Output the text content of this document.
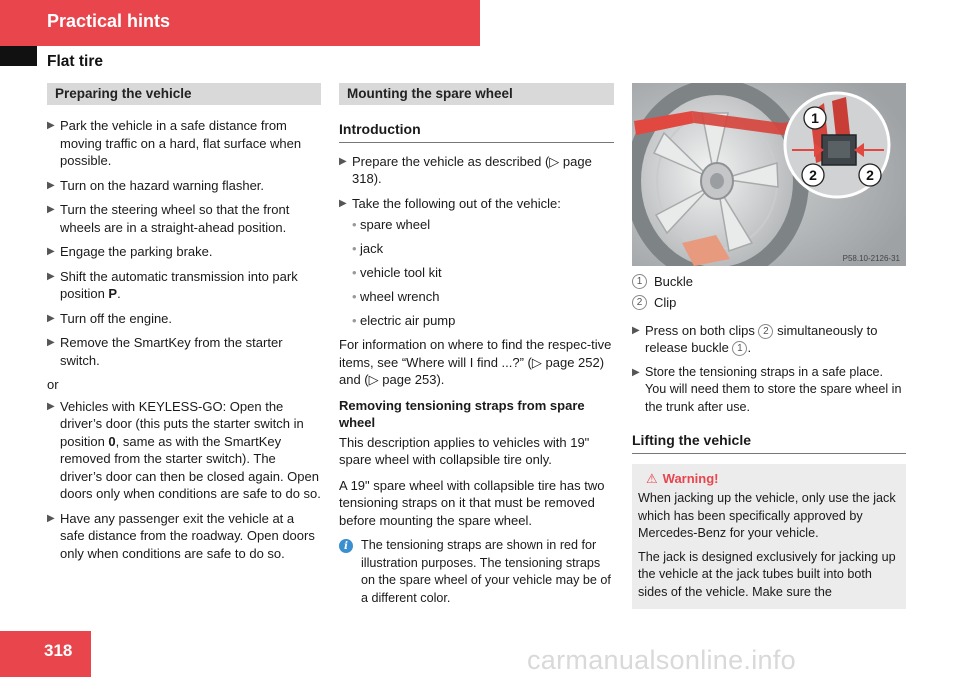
Practical hints
Flat tire
Preparing the vehicle
▶ Park the vehicle in a safe distance from moving traffic on a hard, flat surface when possible.
▶ Turn on the hazard warning flasher.
▶ Turn the steering wheel so that the front wheels are in a straight-ahead position.
▶ Engage the parking brake.
▶ Shift the automatic transmission into park position P.
▶ Turn off the engine.
▶ Remove the SmartKey from the starter switch.
or
▶ Vehicles with KEYLESS-GO: Open the driver’s door (this puts the starter switch in position 0, same as with the SmartKey removed from the starter switch). The driver’s door can then be closed again. Open doors only when conditions are safe to do so.
▶ Have any passenger exit the vehicle at a safe distance from the roadway. Open doors only when conditions are safe to do so.
Mounting the spare wheel
Introduction
▶ Prepare the vehicle as described (▷ page 318).
▶ Take the following out of the vehicle:
• spare wheel
• jack
• vehicle tool kit
• wheel wrench
• electric air pump
For information on where to find the respec-tive items, see “Where will I find ...?” (▷ page 252) and (▷ page 253).
Removing tensioning straps from spare wheel
This description applies to vehicles with 19" spare wheel with collapsible tire only.
A 19" spare wheel with collapsible tire has two tensioning straps on it that must be removed before mounting the spare wheel.
i	The tensioning straps are shown in red for illustration purposes. The tensioning straps on the spare wheel of your vehicle may be of a different color.
1
2	2
P58.10-2126-31
1 Buckle
2 Clip
▶ Press on both clips 2 simultaneously to release buckle 1 .
▶ Store the tensioning straps in a safe place. You will need them to store the spare wheel in the trunk after use.
Lifting the vehicle
⚠ Warning!

When jacking up the vehicle, only use the jack which has been specifically approved by Mercedes-Benz for your vehicle.

The jack is designed exclusively for jacking up the vehicle at the jack tubes built into both sides of the vehicle. Make sure the

318	carmanualsonline.info
